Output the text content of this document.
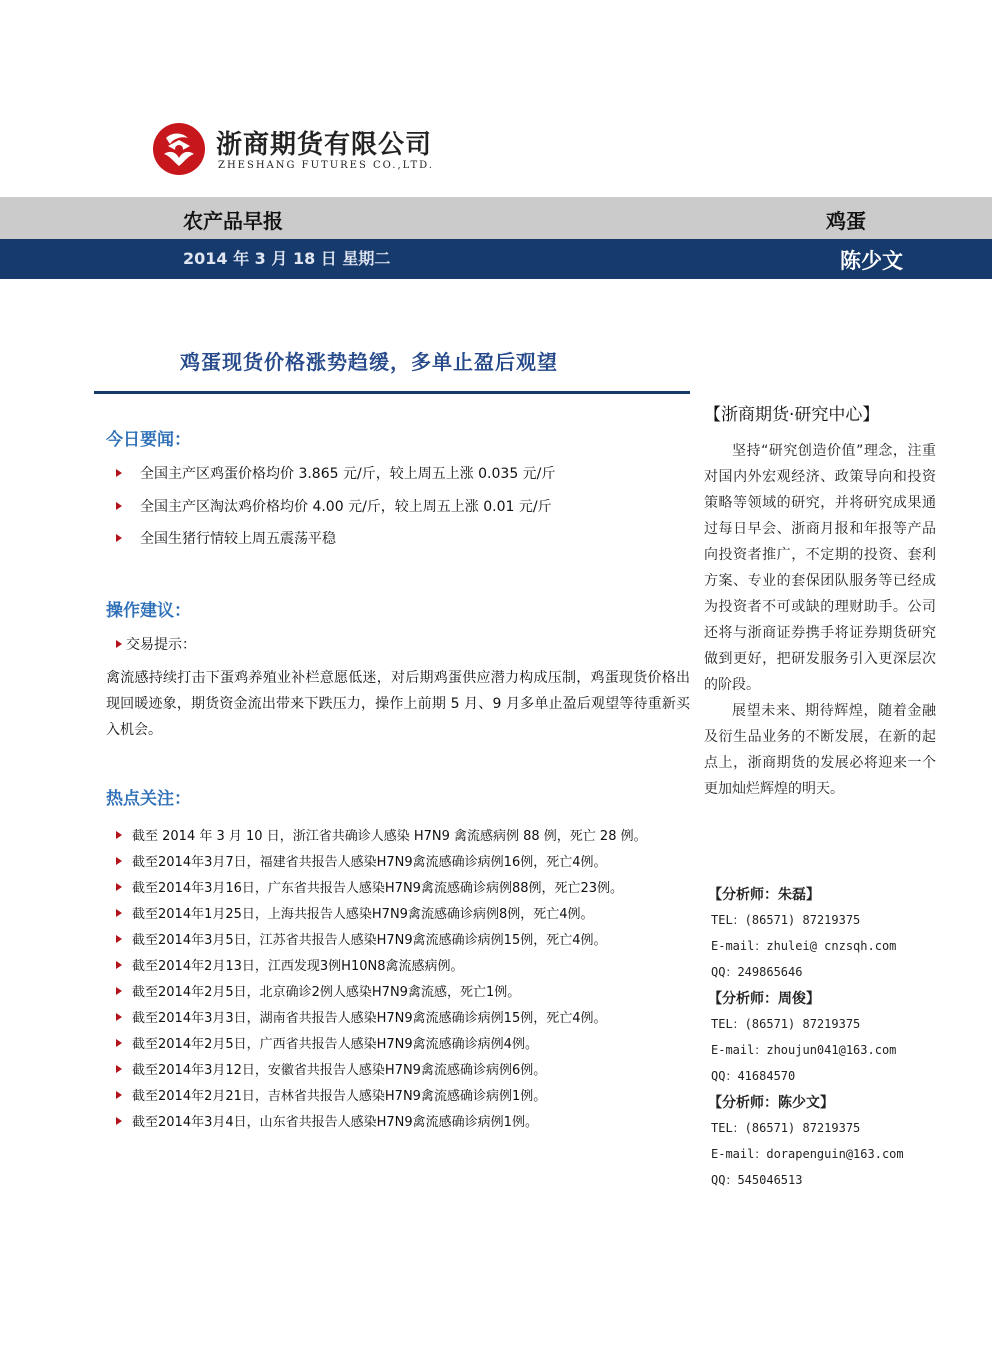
浙商期货有限公司
ZHESHANG FUTURES CO.,LTD.
农产品早报	鸡蛋
2014 年 3 月 18 日 星期二	陈少文
鸡蛋现货价格涨势趋缓，多单止盈后观望
今日要闻：
全国主产区鸡蛋价格均价 3.865 元/斤，较上周五上涨 0.035 元/斤
全国主产区淘汰鸡价格均价 4.00 元/斤，较上周五上涨 0.01 元/斤
全国生猪行情较上周五震荡平稳
操作建议：
交易提示：
禽流感持续打击下蛋鸡养殖业补栏意愿低迷，对后期鸡蛋供应潜力构成压制，鸡蛋现货价格出现回暖迹象，期货资金流出带来下跌压力，操作上前期 5 月、9 月多单止盈后观望等待重新买入机会。
热点关注：
截至 2014 年 3 月 10 日，浙江省共确诊人感染 H7N9 禽流感病例 88 例，死亡 28 例。
截至2014年3月7日，福建省共报告人感染H7N9禽流感确诊病例16例，死亡4例。
截至2014年3月16日，广东省共报告人感染H7N9禽流感确诊病例88例，死亡23例。
截至2014年1月25日，上海共报告人感染H7N9禽流感确诊病例8例，死亡4例。
截至2014年3月5日，江苏省共报告人感染H7N9禽流感确诊病例15例，死亡4例。
截至2014年2月13日，江西发现3例H10N8禽流感病例。
截至2014年2月5日，北京确诊2例人感染H7N9禽流感，死亡1例。
截至2014年3月3日，湖南省共报告人感染H7N9禽流感确诊病例15例，死亡4例。
截至2014年2月5日，广西省共报告人感染H7N9禽流感确诊病例4例。
截至2014年3月12日，安徽省共报告人感染H7N9禽流感确诊病例6例。
截至2014年2月21日，吉林省共报告人感染H7N9禽流感确诊病例1例。
截至2014年3月4日，山东省共报告人感染H7N9禽流感确诊病例1例。
【浙商期货·研究中心】
坚持“研究创造价值”理念，注重对国内外宏观经济、政策导向和投资策略等领域的研究，并将研究成果通过每日早会、浙商月报和年报等产品向投资者推广，不定期的投资、套利方案、专业的套保团队服务等已经成为投资者不可或缺的理财助手。公司还将与浙商证券携手将证券期货研究做到更好，把研发服务引入更深层次的阶段。
展望未来、期待辉煌，随着金融及衍生品业务的不断发展，在新的起点上，浙商期货的发展必将迎来一个更加灿烂辉煌的明天。
【分析师：朱磊】
TEL：(86571) 87219375
E-mail：zhulei@ cnzsqh.com
QQ：249865646
【分析师：周俊】
TEL：(86571) 87219375
E-mail：zhoujun041@163.com
QQ：41684570
【分析师：陈少文】
TEL：(86571) 87219375
E-mail：dorapenguin@163.com
QQ：545046513
